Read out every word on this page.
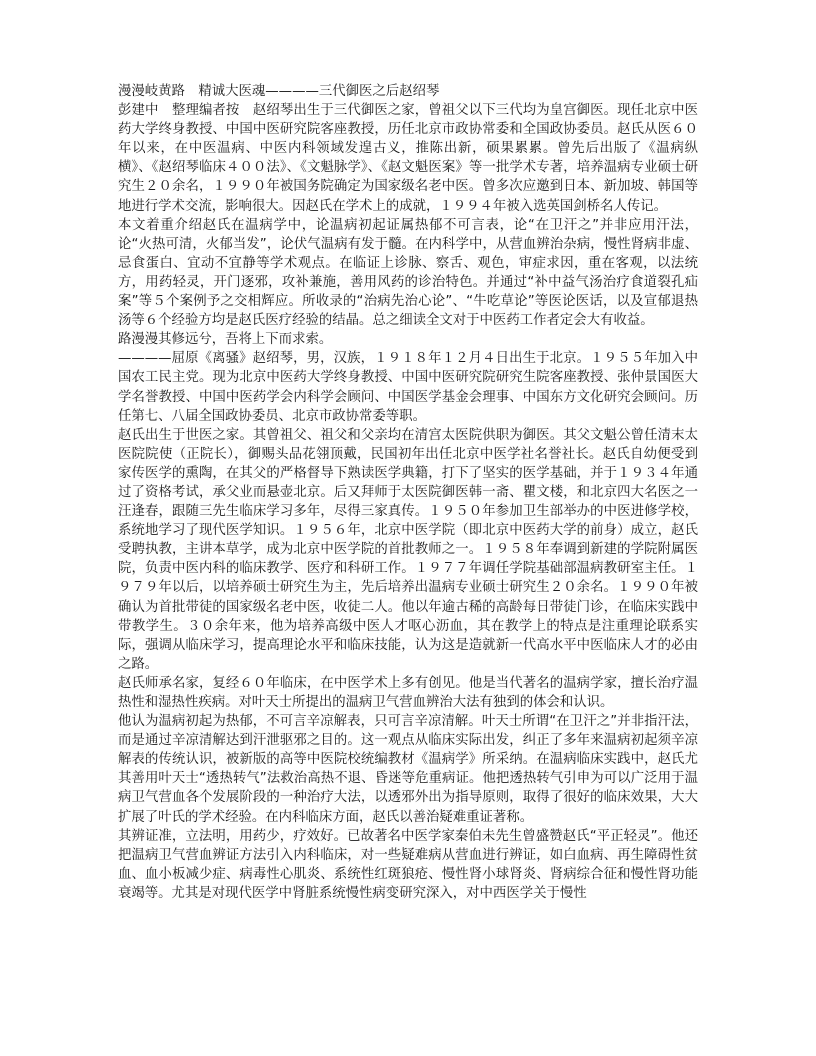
漫漫岐黄路　精诚大医魂————三代御医之后赵绍琴

彭建中　整理编者按　赵绍琴出生于三代御医之家，曾祖父以下三代均为皇宫御医。现任北京中医药大学终身教授、中国中医研究院客座教授，历任北京市政协常委和全国政协委员。赵氏从医６０年以来，在中医温病、中医内科领域发遑古义，推陈出新，硕果累累。曾先后出版了《温病纵横》、《赵绍琴临床４００法》、《文魁脉学》、《赵文魁医案》等一批学术专著，培养温病专业硕士研究生２０余名，１９９０年被国务院确定为国家级名老中医。曾多次应邀到日本、新加坡、韩国等地进行学术交流，影响很大。因赵氏在学术上的成就，１９９４年被入选英国剑桥名人传记。

本文着重介绍赵氏在温病学中，论温病初起证属热郁不可言表，论“在卫汗之”并非应用汗法，论“火热可清，火郁当发”，论伏气温病有发于髓。在内科学中，从营血辨治杂病，慢性肾病非虚、忌食蛋白、宜动不宜静等学术观点。在临证上诊脉、察舌、观色，审症求因，重在客观，以法统方，用药轻灵，开门逐邪，攻补兼施，善用风药的诊治特色。并通过“补中益气汤治疗食道裂孔疝案”等５个案例予之交相辉应。所收录的“治病先治心论”、“牛吃草论”等医论医话，以及宣郁退热汤等６个经验方均是赵氏医疗经验的结晶。总之细读全文对于中医药工作者定会大有收益。

路漫漫其修远兮，吾将上下而求索。

————屈原《离骚》赵绍琴，男，汉族，１９１８年１２月４日出生于北京。１９５５年加入中国农工民主党。现为北京中医药大学终身教授、中国中医研究院研究生院客座教授、张仲景国医大学名誉教授、中国中医药学会内科学会顾问、中国医学基金会理事、中国东方文化研究会顾问。历任第七、八届全国政协委员、北京市政协常委等职。

赵氏出生于世医之家。其曾祖父、祖父和父亲均在清宫太医院供职为御医。其父文魁公曾任清末太医院院使（正院长），御赐头品花翎顶戴，民国初年出任北京中医学社名誉社长。赵氏自幼便受到家传医学的熏陶，在其父的严格督导下熟读医学典籍，打下了坚实的医学基础，并于１９３４年通过了资格考试，承父业而悬壶北京。后又拜师于太医院御医韩一斋、瞿文楼，和北京四大名医之一汪逢春，跟随三先生临床学习多年，尽得三家真传。１９５０年参加卫生部举办的中医进修学校，系统地学习了现代医学知识。１９５６年，北京中医学院（即北京中医药大学的前身）成立，赵氏受聘执教，主讲本草学，成为北京中医学院的首批教师之一。１９５８年奉调到新建的学院附属医院，负责中医内科的临床教学、医疗和科研工作。１９７７年调任学院基础部温病教研室主任。１９７９年以后，以培养硕士研究生为主，先后培养出温病专业硕士研究生２０余名。１９９０年被确认为首批带徒的国家级名老中医，收徒二人。他以年逾古稀的高龄每日带徒门诊，在临床实践中带教学生。３０余年来，他为培养高级中医人才呕心沥血，其在教学上的特点是注重理论联系实际，强调从临床学习，提高理论水平和临床技能，认为这是造就新一代高水平中医临床人才的必由之路。

赵氏师承名家，复经６０年临床，在中医学术上多有创见。他是当代著名的温病学家，擅长治疗温热性和湿热性疾病。对叶天士所提出的温病卫气营血辨治大法有独到的体会和认识。

他认为温病初起为热郁，不可言辛凉解表，只可言辛凉清解。叶天士所谓“在卫汗之”并非指汗法，而是通过辛凉清解达到汗泄驱邪之目的。这一观点从临床实际出发，纠正了多年来温病初起须辛凉解表的传统认识，被新版的高等中医院校统编教材《温病学》所采纳。在温病临床实践中，赵氏尤其善用叶天士“透热转气”法救治高热不退、昏迷等危重病证。他把透热转气引申为可以广泛用于温病卫气营血各个发展阶段的一种治疗大法，以透邪外出为指导原则，取得了很好的临床效果，大大扩展了叶氏的学术经验。在内科临床方面，赵氏以善治疑难重证著称。

其辨证准，立法明，用药少，疗效好。已故著名中医学家秦伯未先生曾盛赞赵氏“平正轻灵”。他还把温病卫气营血辨证方法引入内科临床，对一些疑难病从营血进行辨证，如白血病、再生障碍性贫血、血小板减少症、病毒性心肌炎、系统性红斑狼疮、慢性肾小球肾炎、肾病综合征和慢性肾功能衰竭等。尤其是对现代医学中肾脏系统慢性病变研究深入，对中西医学关于慢性
